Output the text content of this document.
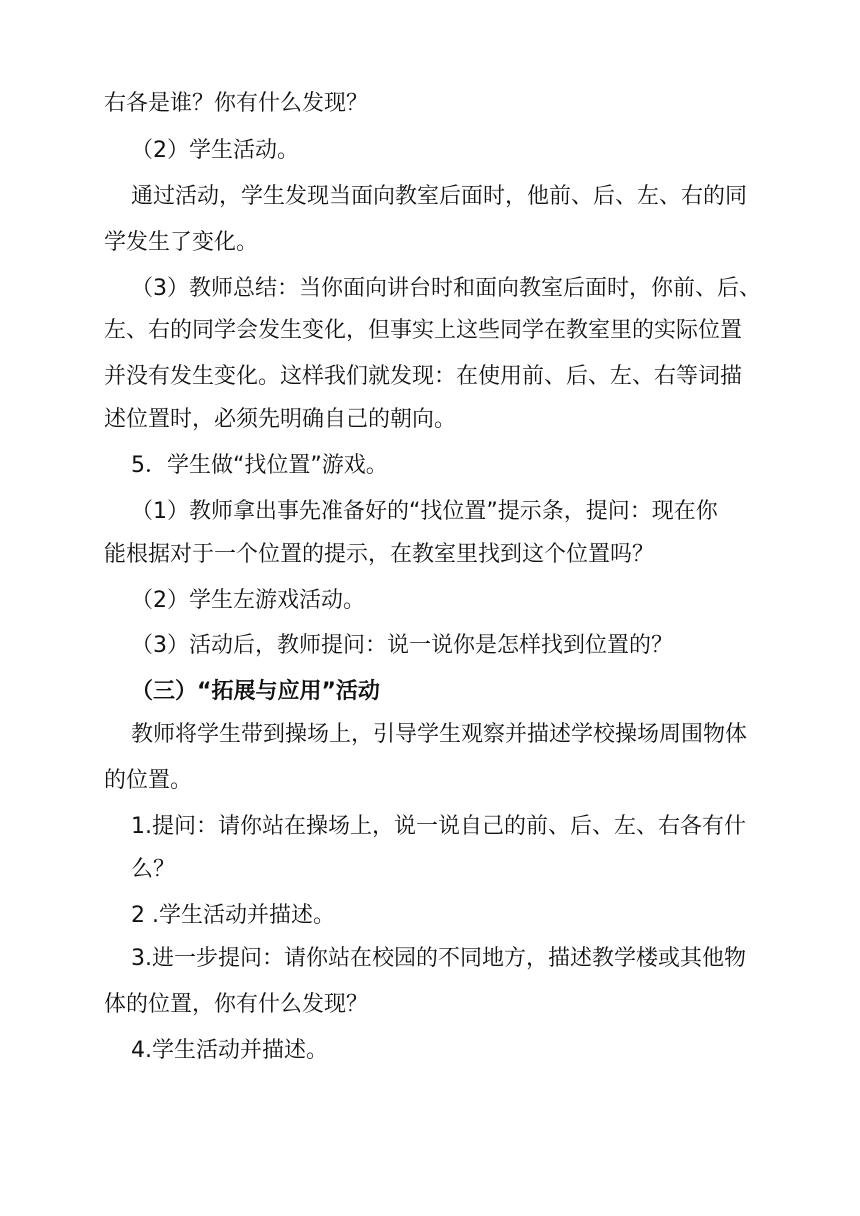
右各是谁？你有什么发现？
（2）学生活动。
通过活动，学生发现当面向教室后面时，他前、后、左、右的同
学发生了变化。
（3）教师总结：当你面向讲台时和面向教室后面时，你前、后、
左、右的同学会发生变化，但事实上这些同学在教室里的实际位置
并没有发生变化。这样我们就发现：在使用前、后、左、右等词描
述位置时，必须先明确自己的朝向。
5．学生做“找位置”游戏。
（1）教师拿出事先准备好的“找位置”提示条，提问：现在你
能根据对于一个位置的提示，在教室里找到这个位置吗？
（2）学生左游戏活动。
（3）活动后，教师提问：说一说你是怎样找到位置的？
（三）“拓展与应用”活动
教师将学生带到操场上，引导学生观察并描述学校操场周围物体
的位置。
1.提问：请你站在操场上，说一说自己的前、后、左、右各有什
么？
2 .学生活动并描述。
3.进一步提问：请你站在校园的不同地方，描述教学楼或其他物
体的位置，你有什么发现？
4.学生活动并描述。
